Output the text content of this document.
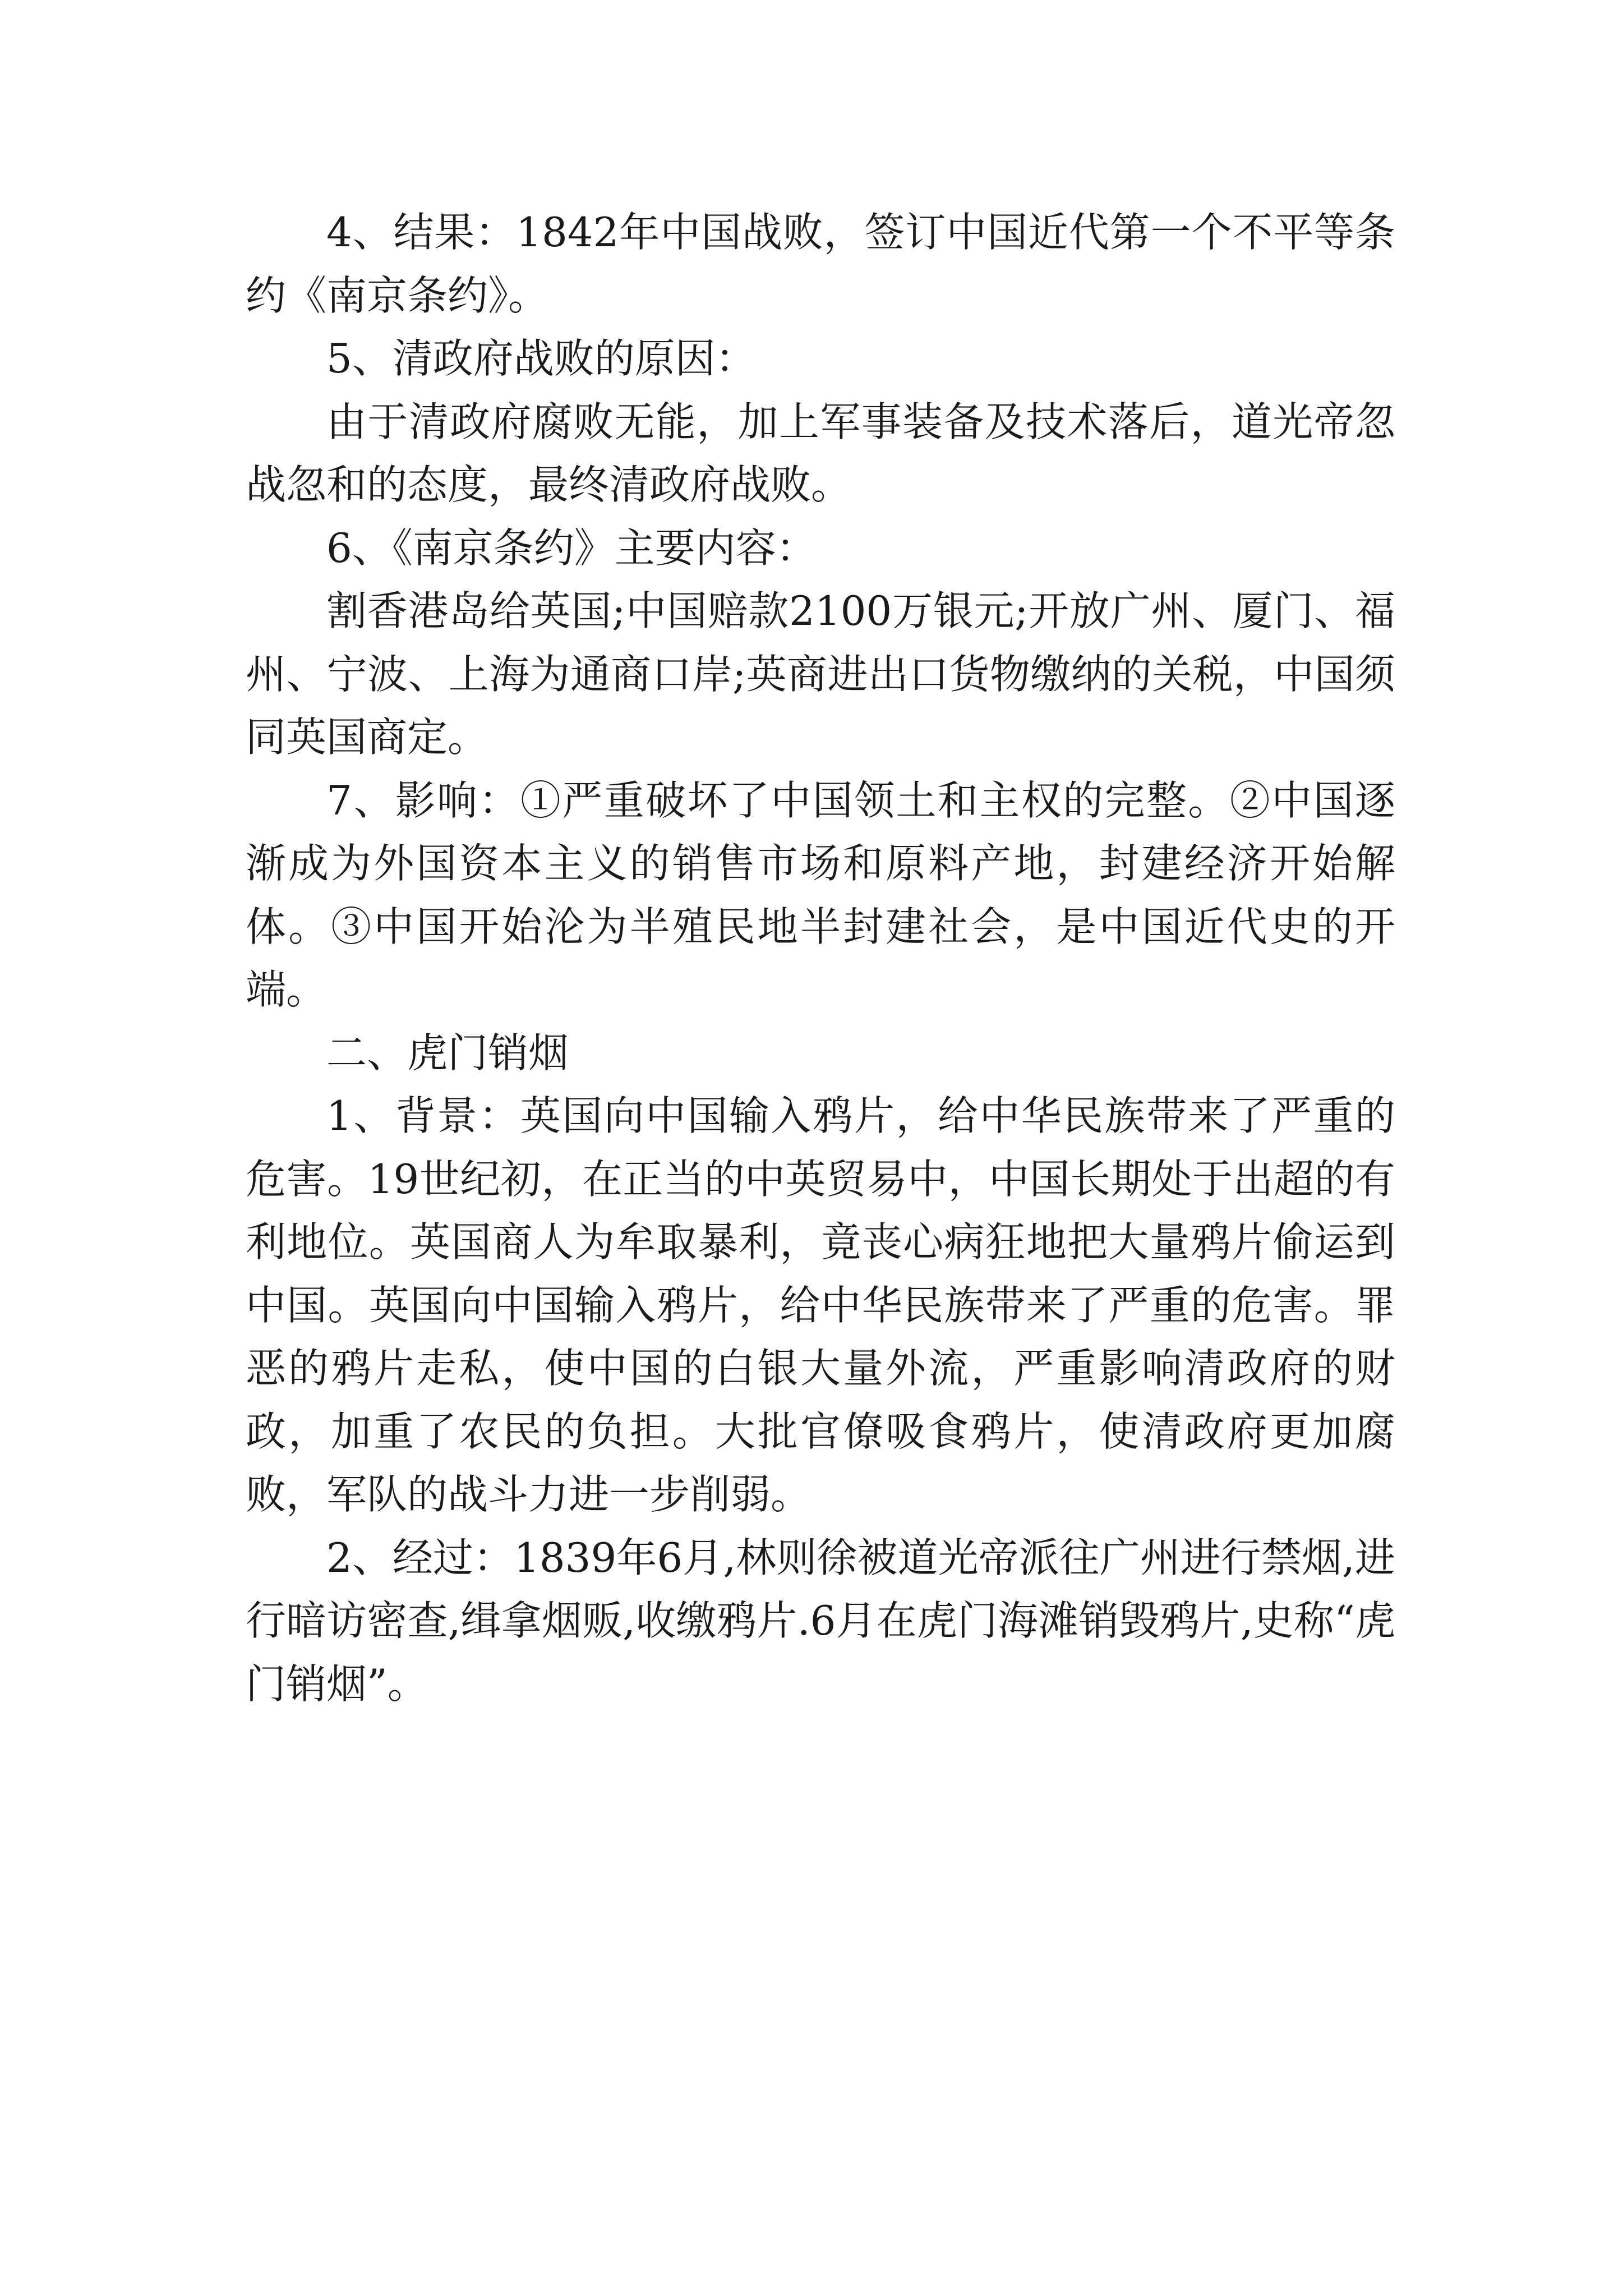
4、结果：1842年中国战败，签订中国近代第一个不平等条约《南京条约》。

5、清政府战败的原因：

由于清政府腐败无能，加上军事装备及技术落后，道光帝忽战忽和的态度，最终清政府战败。

6、《南京条约》主要内容：

割香港岛给英国;中国赔款2100万银元;开放广州、厦门、福州、宁波、上海为通商口岸;英商进出口货物缴纳的关税，中国须同英国商定。

7、影响：①严重破坏了中国领土和主权的完整。②中国逐渐成为外国资本主义的销售市场和原料产地，封建经济开始解体。③中国开始沦为半殖民地半封建社会，是中国近代史的开端。

二、虎门销烟

1、背景：英国向中国输入鸦片，给中华民族带来了严重的危害。19世纪初，在正当的中英贸易中，中国长期处于出超的有利地位。英国商人为牟取暴利，竟丧心病狂地把大量鸦片偷运到中国。英国向中国输入鸦片，给中华民族带来了严重的危害。罪恶的鸦片走私，使中国的白银大量外流，严重影响清政府的财政，加重了农民的负担。大批官僚吸食鸦片，使清政府更加腐败，军队的战斗力进一步削弱。

2、经过：1839年6月,林则徐被道光帝派往广州进行禁烟,进行暗访密查,缉拿烟贩,收缴鸦片.6月在虎门海滩销毁鸦片,史称“虎门销烟”。
